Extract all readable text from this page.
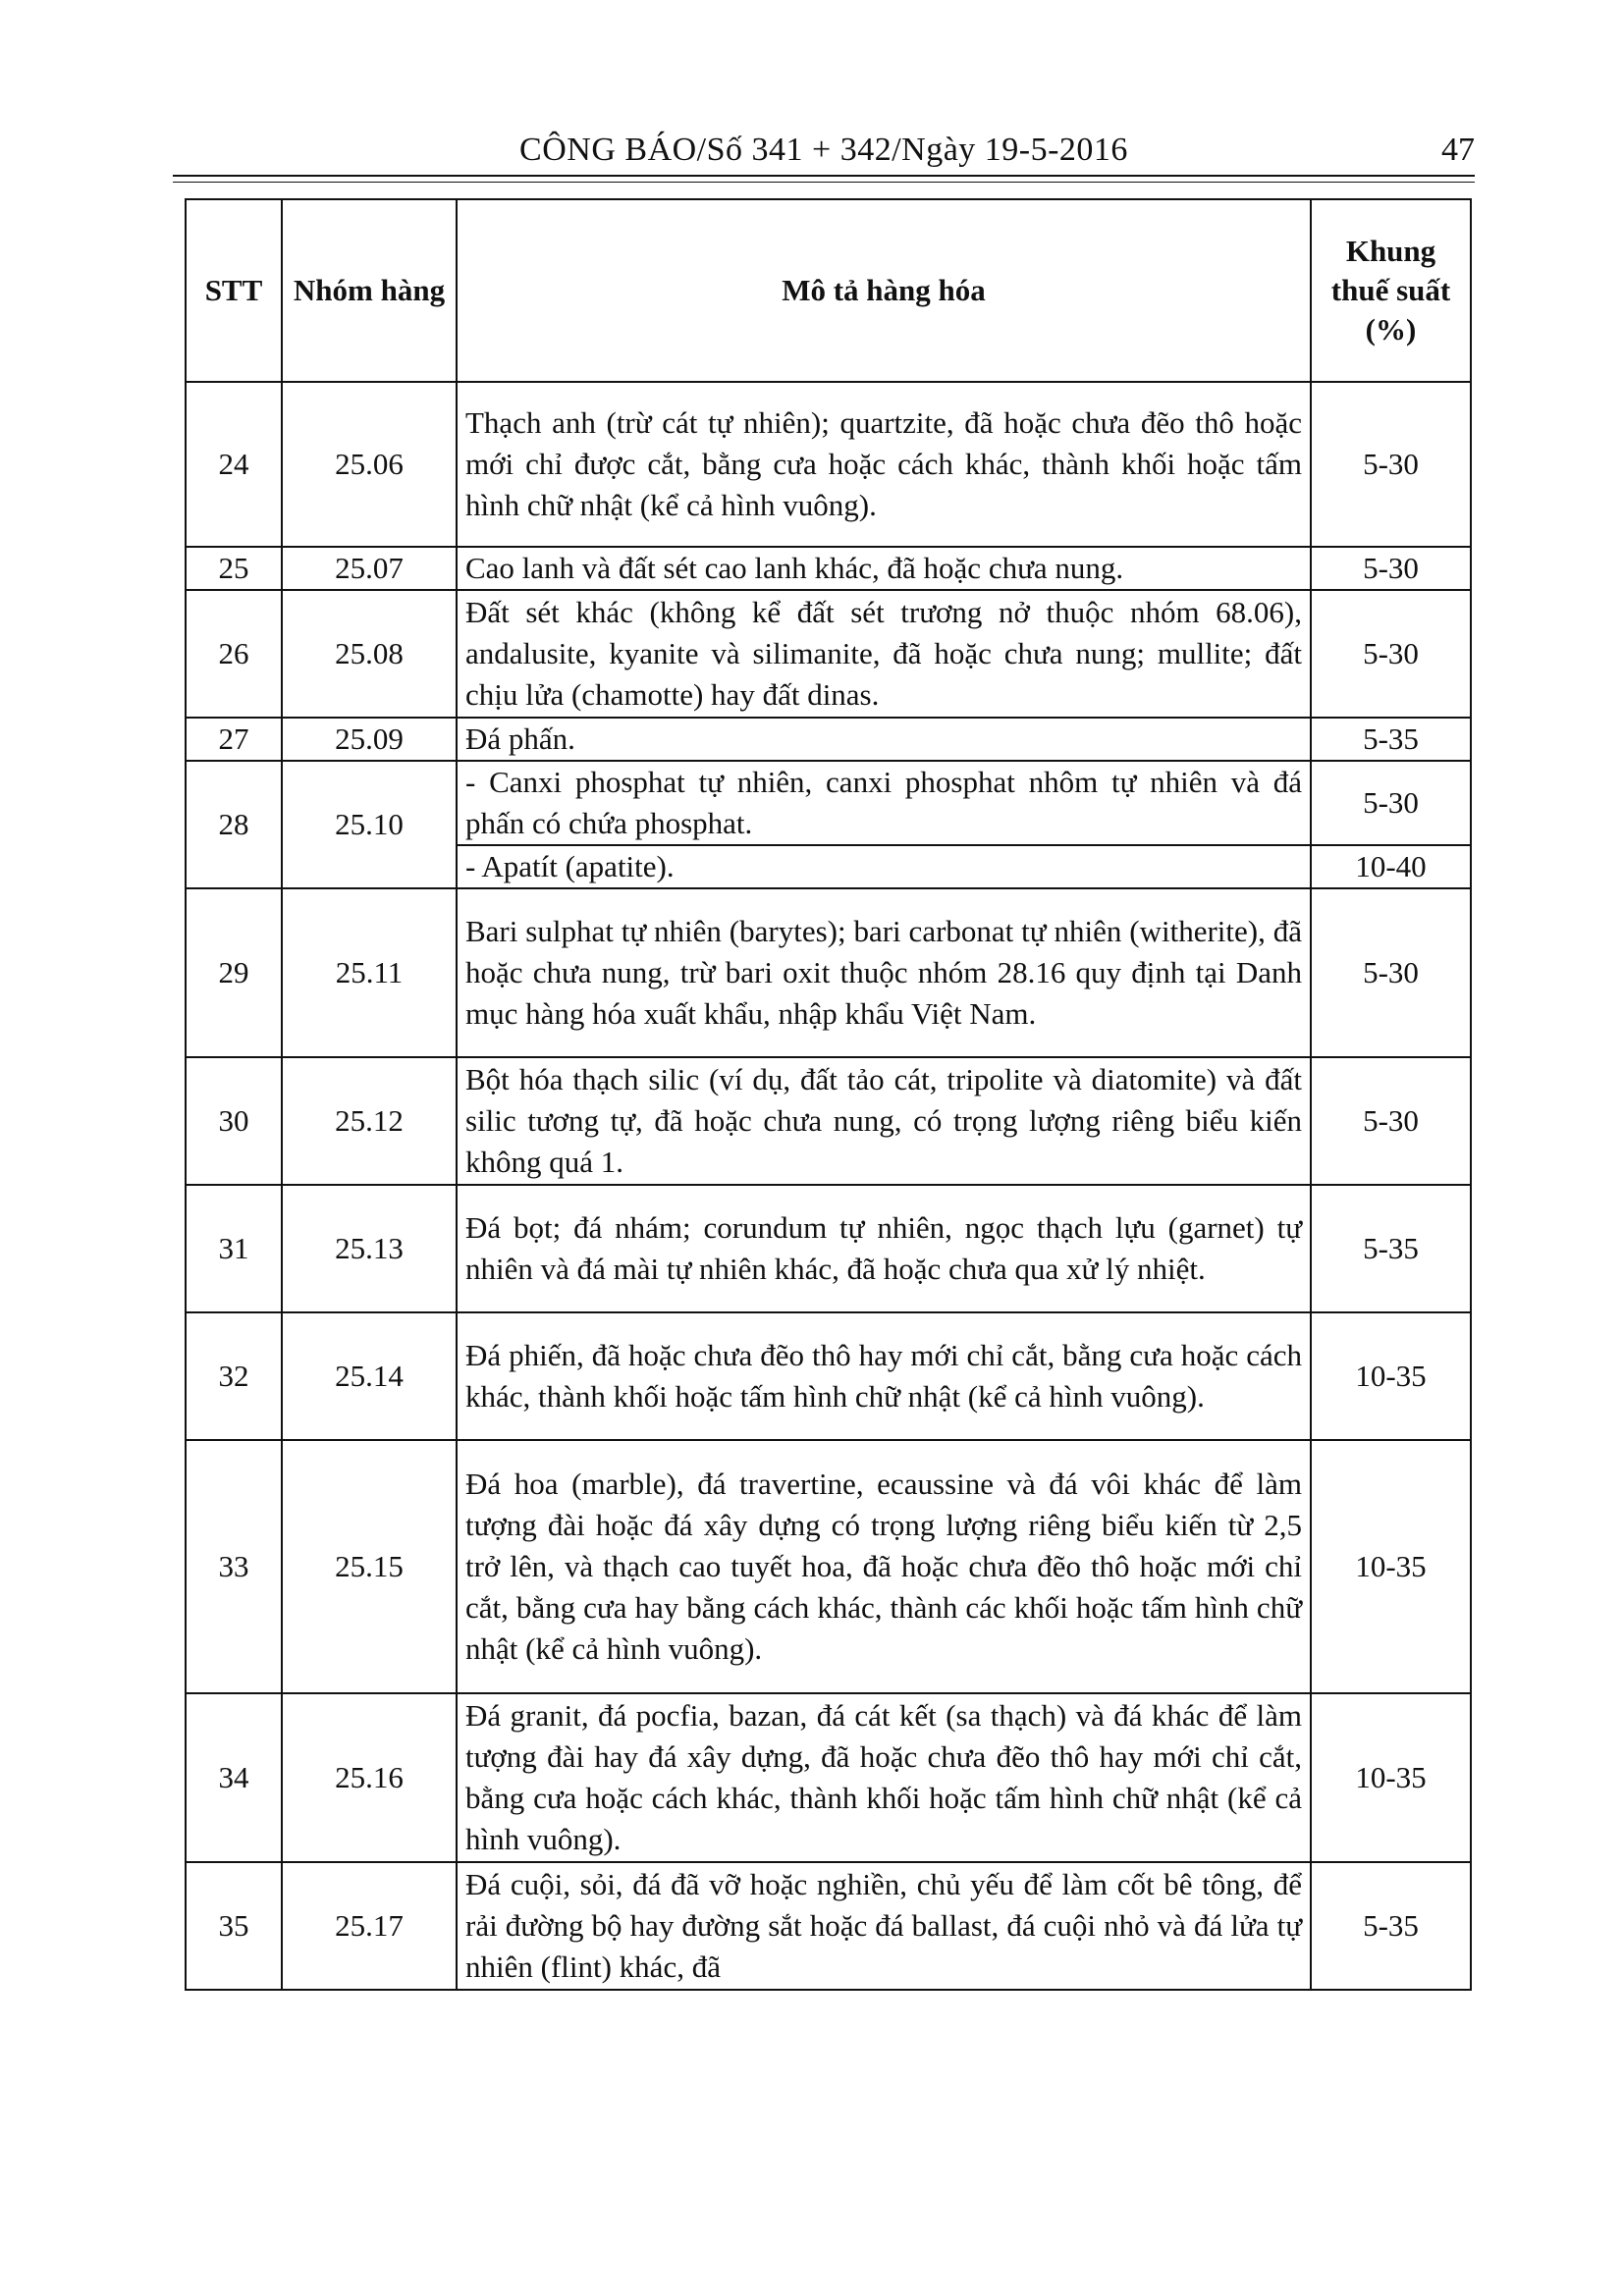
CÔNG BÁO/Số 341 + 342/Ngày 19-5-2016	47
STT	Nhóm hàng	Mô tả hàng hóa	Khung thuế suất (%)
24	25.06	Thạch anh (trừ cát tự nhiên); quartzite, đã hoặc chưa đẽo thô hoặc mới chỉ được cắt, bằng cưa hoặc cách khác, thành khối hoặc tấm hình chữ nhật (kể cả hình vuông).	5-30
25	25.07	Cao lanh và đất sét cao lanh khác, đã hoặc chưa nung.	5-30
26	25.08	Đất sét khác (không kể đất sét trương nở thuộc nhóm 68.06), andalusite, kyanite và silimanite, đã hoặc chưa nung; mullite; đất chịu lửa (chamotte) hay đất dinas.	5-30
27	25.09	Đá phấn.	5-35
28	25.10	- Canxi phosphat tự nhiên, canxi phosphat nhôm tự nhiên và đá phấn có chứa phosphat.	5-30
		- Apatít (apatite).	10-40
29	25.11	Bari sulphat tự nhiên (barytes); bari carbonat tự nhiên (witherite), đã hoặc chưa nung, trừ bari oxit thuộc nhóm 28.16 quy định tại Danh mục hàng hóa xuất khẩu, nhập khẩu Việt Nam.	5-30
30	25.12	Bột hóa thạch silic (ví dụ, đất tảo cát, tripolite và diatomite) và đất silic tương tự, đã hoặc chưa nung, có trọng lượng riêng biểu kiến không quá 1.	5-30
31	25.13	Đá bọt; đá nhám; corundum tự nhiên, ngọc thạch lựu (garnet) tự nhiên và đá mài tự nhiên khác, đã hoặc chưa qua xử lý nhiệt.	5-35
32	25.14	Đá phiến, đã hoặc chưa đẽo thô hay mới chỉ cắt, bằng cưa hoặc cách khác, thành khối hoặc tấm hình chữ nhật (kể cả hình vuông).	10-35
33	25.15	Đá hoa (marble), đá travertine, ecaussine và đá vôi khác để làm tượng đài hoặc đá xây dựng có trọng lượng riêng biểu kiến từ 2,5 trở lên, và thạch cao tuyết hoa, đã hoặc chưa đẽo thô hoặc mới chỉ cắt, bằng cưa hay bằng cách khác, thành các khối hoặc tấm hình chữ nhật (kể cả hình vuông).	10-35
34	25.16	Đá granit, đá pocfia, bazan, đá cát kết (sa thạch) và đá khác để làm tượng đài hay đá xây dựng, đã hoặc chưa đẽo thô hay mới chỉ cắt, bằng cưa hoặc cách khác, thành khối hoặc tấm hình chữ nhật (kể cả hình vuông).	10-35
35	25.17	Đá cuội, sỏi, đá đã vỡ hoặc nghiền, chủ yếu để làm cốt bê tông, để rải đường bộ hay đường sắt hoặc đá ballast, đá cuội nhỏ và đá lửa tự nhiên (flint) khác, đã	5-35
